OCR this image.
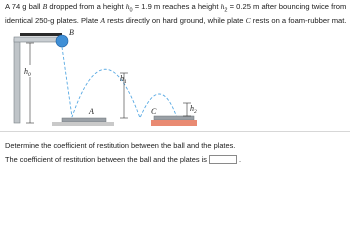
A 74 g ball B dropped from a height $h_0 = 1.9$ m reaches a height $h_2 = 0.25$ m after bouncing twice from identical 250-g plates. Plate A rests directly on hard ground, while plate C rests on a foam-rubber mat.
$h_0$
B
$h_1$
A	C	$h_2$
Determine the coefficient of restitution between the ball and the plates.
The coefficient of restitution between the ball and the plates is	.
